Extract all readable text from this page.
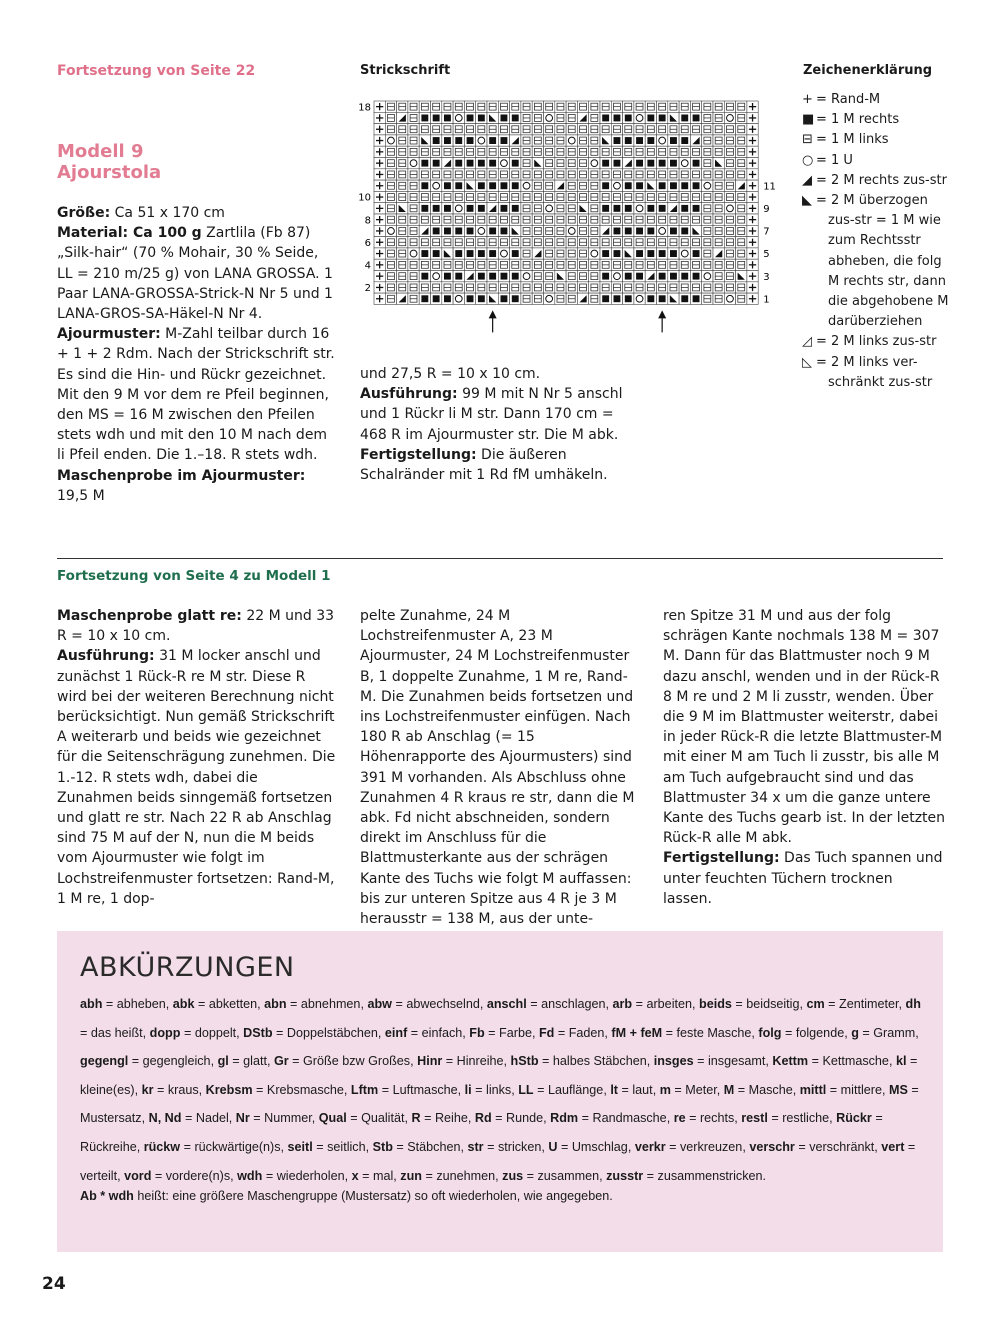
Fortsetzung von Seite 22
Modell 9
Ajourstola

Größe: Ca 51 x 170 cm

Material: Ca 100 g Zartlila (Fb 87) „Silk-hair“ (70 % Mohair, 30 % Seide, LL = 210 m/25 g) von LANA GROSSA. 1 Paar LANA-GROSSA-Strick-N Nr 5 und 1 LANA-GROS-SA-Häkel-N Nr 4.

Ajourmuster: M-Zahl teilbar durch 16 + 1 + 2 Rdm. Nach der Strickschrift str. Es sind die Hin- und Rückr gezeichnet. Mit den 9 M vor dem re Pfeil beginnen, den MS = 16 M zwischen den Pfeilen stets wdh und mit den 10 M nach dem li Pfeil enden. Die 1.–18. R stets wdh.

Maschenprobe im Ajourmuster: 19,5 M

Strickschrift
18
10
8
6
4
2
11
9
7
5
3
1

und 27,5 R = 10 x 10 cm.

Ausführung: 99 M mit N Nr 5 anschl und 1 Rückr li M str. Dann 170 cm = 468 R im Ajourmuster str. Die M abk.

Fertigstellung: Die äußeren Schalränder mit 1 Rd fM umhäkeln.

Zeichenerklärung
+ = Rand-M
■ = 1 M rechts
⊟ = 1 M links
○ = 1 U
◢ = 2 M rechts zus-str
◣ = 2 M überzogen
zus-str = 1 M wie
zum Rechtsstr
abheben, die folg
M rechts str, dann
die abgehobene M
darüberziehen
◿ = 2 M links zus-str
◺ = 2 M links ver-
schränkt zus-str
Fortsetzung von Seite 4 zu Modell 1

Maschenprobe glatt re: 22 M und 33 R = 10 x 10 cm.

Ausführung: 31 M locker anschl und zunächst 1 Rück-R re M str. Diese R wird bei der weiteren Berechnung nicht berücksichtigt. Nun gemäß Strickschrift A weiterarb und beids wie gezeichnet für die Seitenschrägung zunehmen. Die 1.-12. R stets wdh, dabei die Zunahmen beids sinngemäß fortsetzen und glatt re str. Nach 22 R ab Anschlag sind 75 M auf der N, nun die M beids vom Ajourmuster wie folgt im Lochstreifenmuster fortsetzen: Rand-M, 1 M re, 1 dop-

pelte Zunahme, 24 M Lochstreifenmuster A, 23 M Ajourmuster, 24 M Lochstreifenmuster B, 1 doppelte Zunahme, 1 M re, Rand-M. Die Zunahmen beids fortsetzen und ins Lochstreifenmuster einfügen. Nach 180 R ab Anschlag (= 15 Höhenrapporte des Ajourmusters) sind 391 M vorhanden. Als Abschluss ohne Zunahmen 4 R kraus re str, dann die M abk. Fd nicht abschneiden, sondern direkt im Anschluss für die Blattmusterkante aus der schrägen Kante des Tuchs wie folgt M auffassen: bis zur unteren Spitze aus 4 R je 3 M herausstr = 138 M, aus der unte-

ren Spitze 31 M und aus der folg schrägen Kante nochmals 138 M = 307 M. Dann für das Blattmuster noch 9 M dazu anschl, wenden und in der Rück-R 8 M re und 2 M li zusstr, wenden. Über die 9 M im Blattmuster weiterstr, dabei in jeder Rück-R die letzte Blattmuster-M mit einer M am Tuch li zusstr, bis alle M am Tuch aufgebraucht sind und das Blattmuster 34 x um die ganze untere Kante des Tuchs gearb ist. In der letzten Rück-R alle M abk.

Fertigstellung: Das Tuch spannen und unter feuchten Tüchern trocknen lassen.

ABKÜRZUNGEN
abh = abheben, abk = abketten, abn = abnehmen, abw = abwechselnd, anschl = anschlagen, arb = arbeiten, beids = beidseitig, cm = Zentimeter, dh = das heißt, dopp = doppelt, DStb = Doppelstäbchen, einf = einfach, Fb = Farbe, Fd = Faden, fM + feM = feste Masche, folg = folgende, g = Gramm, gegengl = gegengleich, gl = glatt, Gr = Größe bzw Großes, Hinr = Hinreihe, hStb = halbes Stäbchen, insges = insgesamt, Kettm = Kettmasche, kl = kleine(es), kr = kraus, Krebsm = Krebsmasche, Lftm = Luftmasche, li = links, LL = Lauflänge, lt = laut, m = Meter, M = Masche, mittl = mittlere, MS = Mustersatz, N, Nd = Nadel, Nr = Nummer, Qual = Qualität, R = Reihe, Rd = Runde, Rdm = Randmasche, re = rechts, restl = restliche, Rückr = Rückreihe, rückw = rückwärtige(n)s, seitl = seitlich, Stb = Stäbchen, str = stricken, U = Umschlag, verkr = verkreuzen, verschr = verschränkt, vert = verteilt, vord = vordere(n)s, wdh = wiederholen, x = mal, zun = zunehmen, zus = zusammen, zusstr = zusammenstricken.
Ab * wdh heißt: eine größere Maschengruppe (Mustersatz) so oft wiederholen, wie angegeben.
24
